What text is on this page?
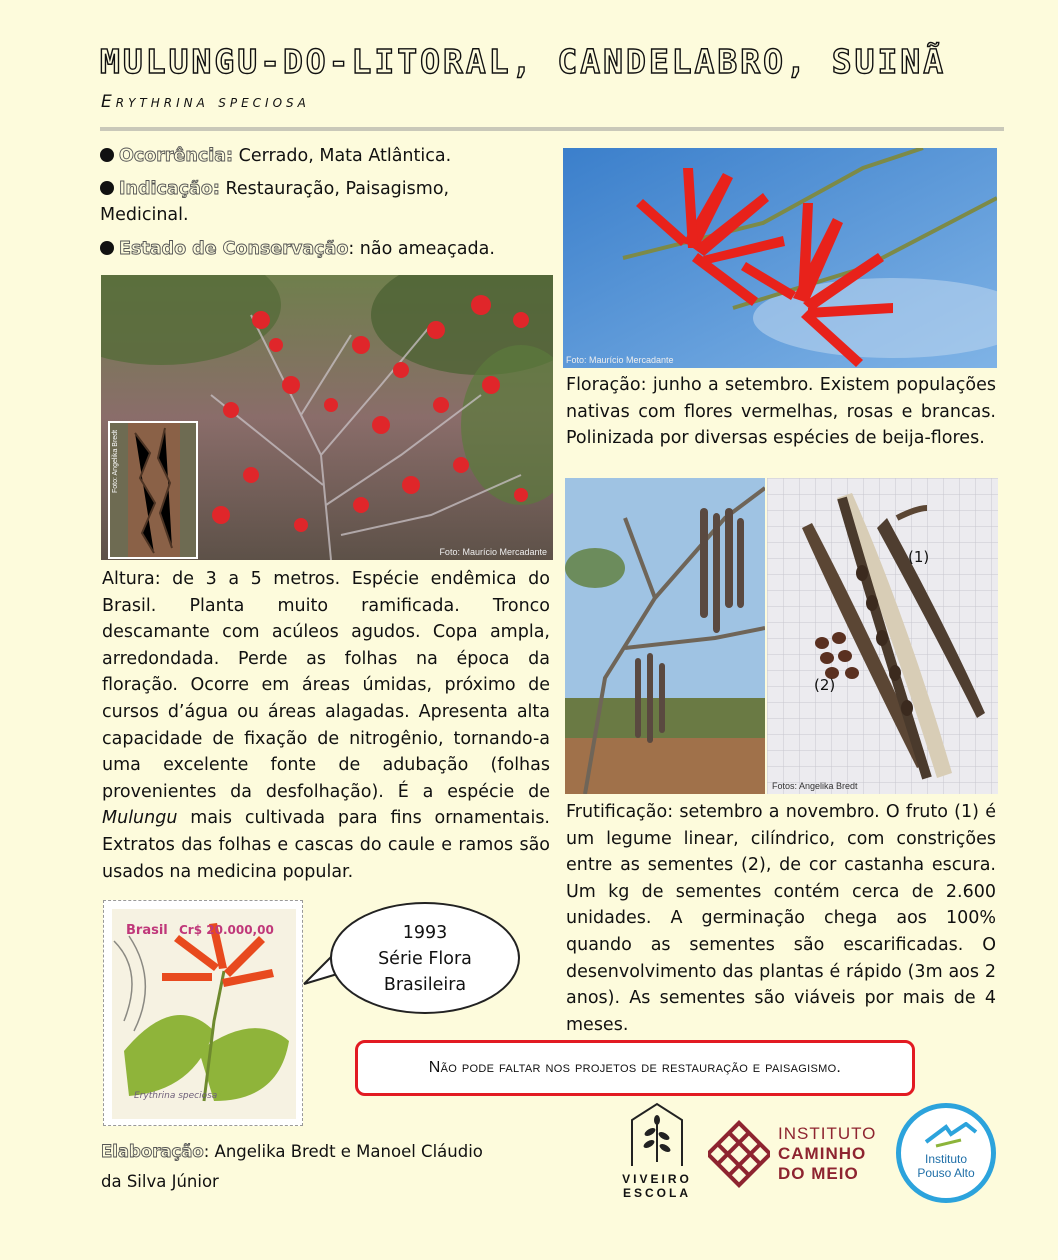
MULUNGU-DO-LITORAL, CANDELABRO, SUINÃ
Erythrina speciosa
Ocorrência: Cerrado, Mata Atlântica.
Indicação: Restauração, Paisagismo,
Medicinal.
Estado de Conservação: não ameaçada.
Foto: Angelika Bredt
Foto: Maurício Mercadante
Foto: Maurício Mercadante
Floração: junho a setembro. Existem populações nativas com flores vermelhas, rosas e brancas. Polinizada por diversas espécies de beija-flores.
(1)
(2)
Fotos: Angelika Bredt
Frutificação: setembro a novembro. O fruto (1) é um legume linear, cilíndrico, com constrições entre as sementes (2), de cor castanha escura. Um kg de sementes contém cerca de 2.600 unidades. A germinação chega aos 100% quando as sementes são escarificadas. O desenvolvimento das plantas é rápido (3m aos 2 anos). As sementes são viáveis por mais de 4 meses.
Altura: de 3 a 5 metros. Espécie endêmica do Brasil. Planta muito ramificada. Tronco descamante com acúleos agudos. Copa ampla, arredondada. Perde as folhas na época da floração. Ocorre em áreas úmidas, próximo de cursos d’água ou áreas alagadas. Apresenta alta capacidade de fixação de nitrogênio, tornando-a uma excelente fonte de adubação (folhas provenientes da desfolhação). É a espécie de Mulungu mais cultivada para fins ornamentais. Extratos das folhas e cascas do caule e ramos são usados na medicina popular.
Brasil Cr$ 20.000,00
Erythrina speciosa
1993
Série Flora
Brasileira
Não pode faltar nos projetos de restauração e paisagismo.
Elaboração: Angelika Bredt e Manoel Cláudio
da Silva Júnior	VIVEIRO
ESCOLA
INSTITUTO
CAMINHO
DO MEIO
Instituto
Pouso Alto
